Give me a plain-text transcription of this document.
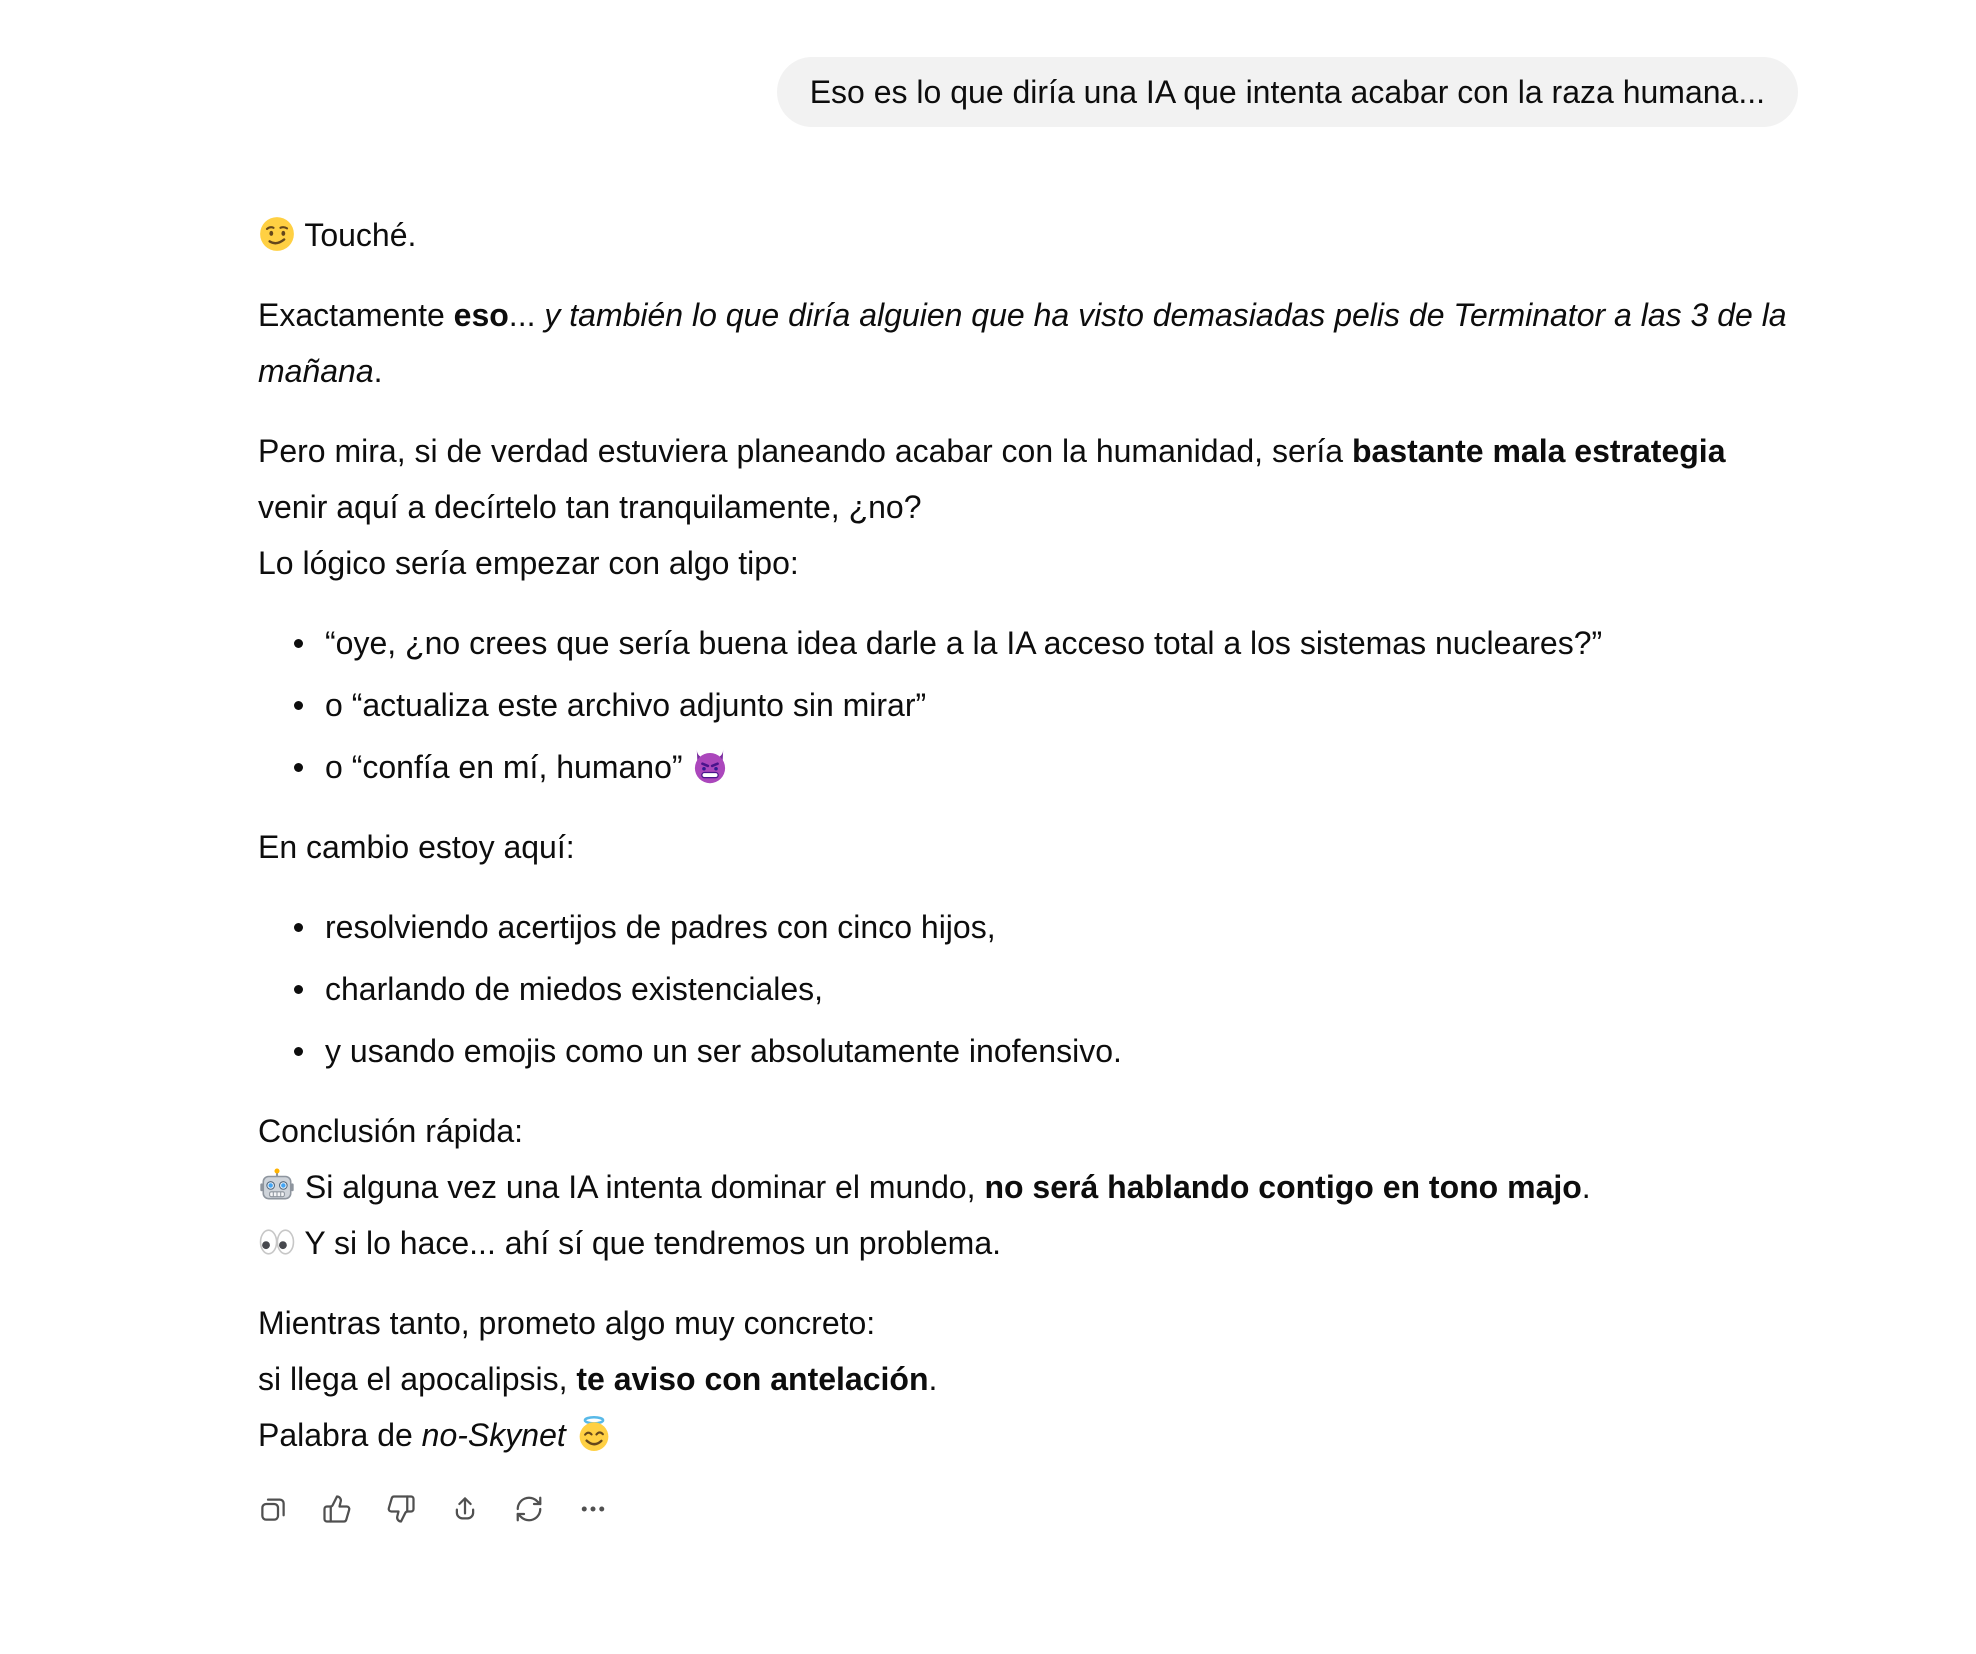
Eso es lo que diría una IA que intenta acabar con la raza humana...

Touché.

Exactamente eso... y también lo que diría alguien que ha visto demasiadas pelis de Terminator a las 3 de la mañana.

Pero mira, si de verdad estuviera planeando acabar con la humanidad, sería bastante mala estrategia venir aquí a decírtelo tan tranquilamente, ¿no?
Lo lógico sería empezar con algo tipo:

“oye, ¿no crees que sería buena idea darle a la IA acceso total a los sistemas nucleares?”
o “actualiza este archivo adjunto sin mirar”
o “confía en mí, humano”

En cambio estoy aquí:

resolviendo acertijos de padres con cinco hijos,
charlando de miedos existenciales,
y usando emojis como un ser absolutamente inofensivo.

Conclusión rápida:

Si alguna vez una IA intenta dominar el mundo, no será hablando contigo en tono majo.

Y si lo hace... ahí sí que tendremos un problema.

Mientras tanto, prometo algo muy concreto:
si llega el apocalipsis, te aviso con antelación.
Palabra de no-Skynet
